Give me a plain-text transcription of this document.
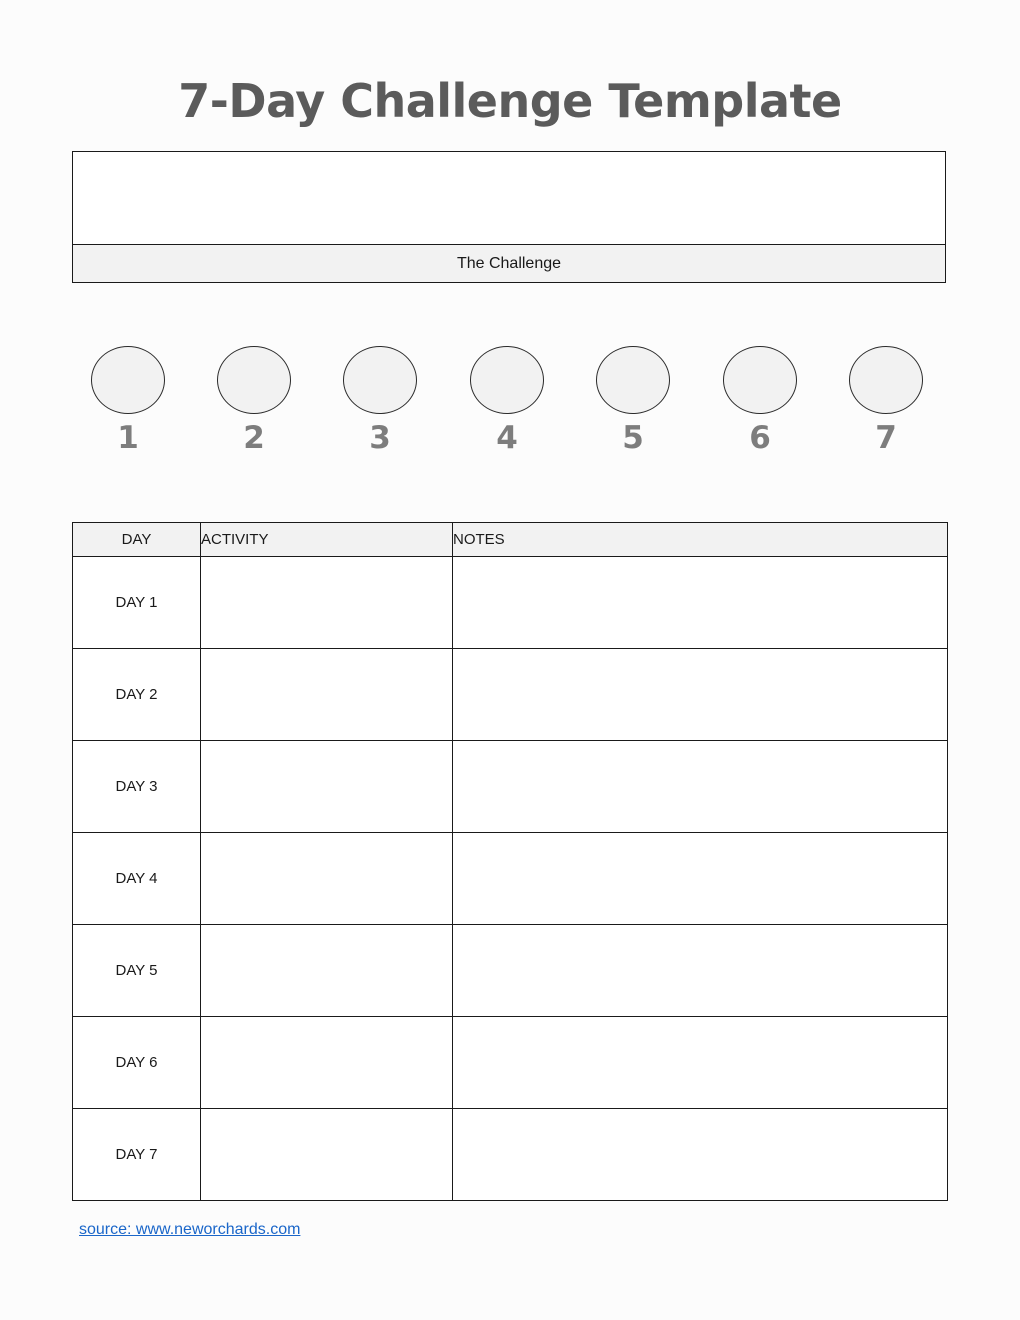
7-Day Challenge Template
The Challenge
1	2	3	4	5	6	7
DAY	ACTIVITY	NOTES
DAY 1		
DAY 2		
DAY 3		
DAY 4		
DAY 5		
DAY 6		
DAY 7		
source: www.neworchards.com
